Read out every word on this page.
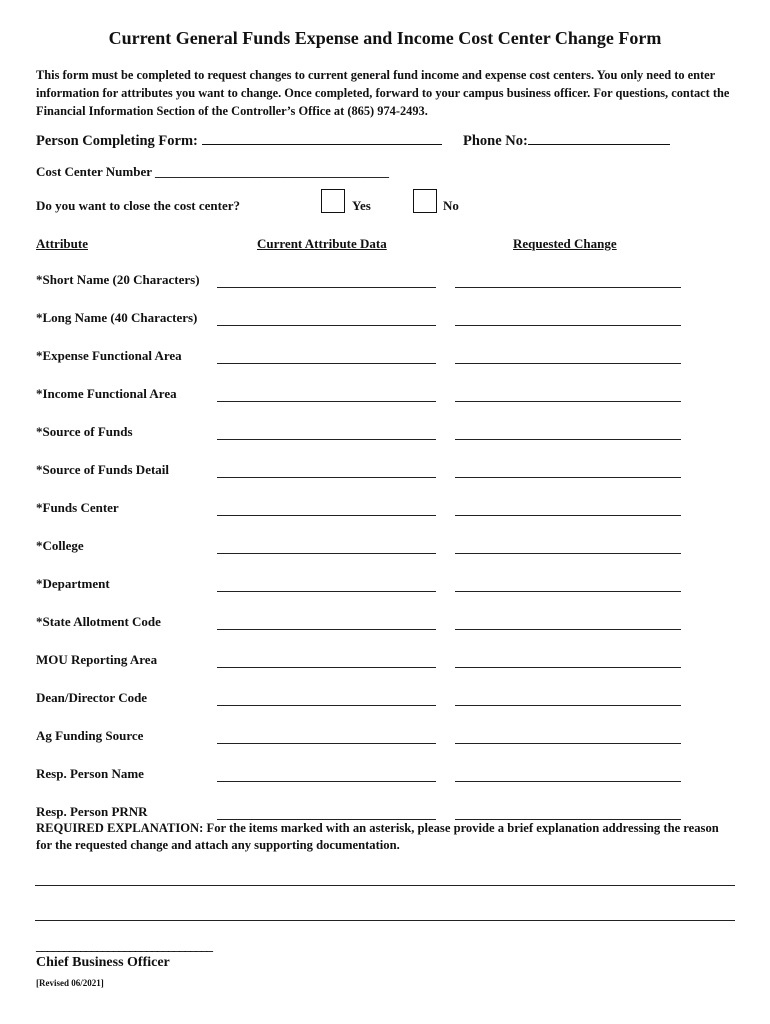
Current General Funds Expense and Income Cost Center Change Form
This form must be completed to request changes to current general fund income and expense cost centers. You only need to enter information for attributes you want to change. Once completed, forward to your campus business officer. For questions, contact the Financial Information Section of the Controller’s Office at (865) 974-2493.
Person Completing Form:	Phone No:
Cost Center Number ____________________________________
Do you want to close the cost center?	Yes	No
Attribute	Current Attribute Data	Requested Change
*Short Name (20 Characters)
*Long Name (40 Characters)
*Expense Functional Area
*Income Functional Area
*Source of Funds
*Source of Funds Detail
*Funds Center
*College
*Department
*State Allotment Code
MOU Reporting Area
Dean/Director Code
Ag Funding Source
Resp. Person Name
Resp. Person PRNR
REQUIRED EXPLANATION: For the items marked with an asterisk, please provide a brief explanation addressing the reason for the requested change and attach any supporting documentation.
________________________________
Chief Business Officer
[Revised 06/2021]
